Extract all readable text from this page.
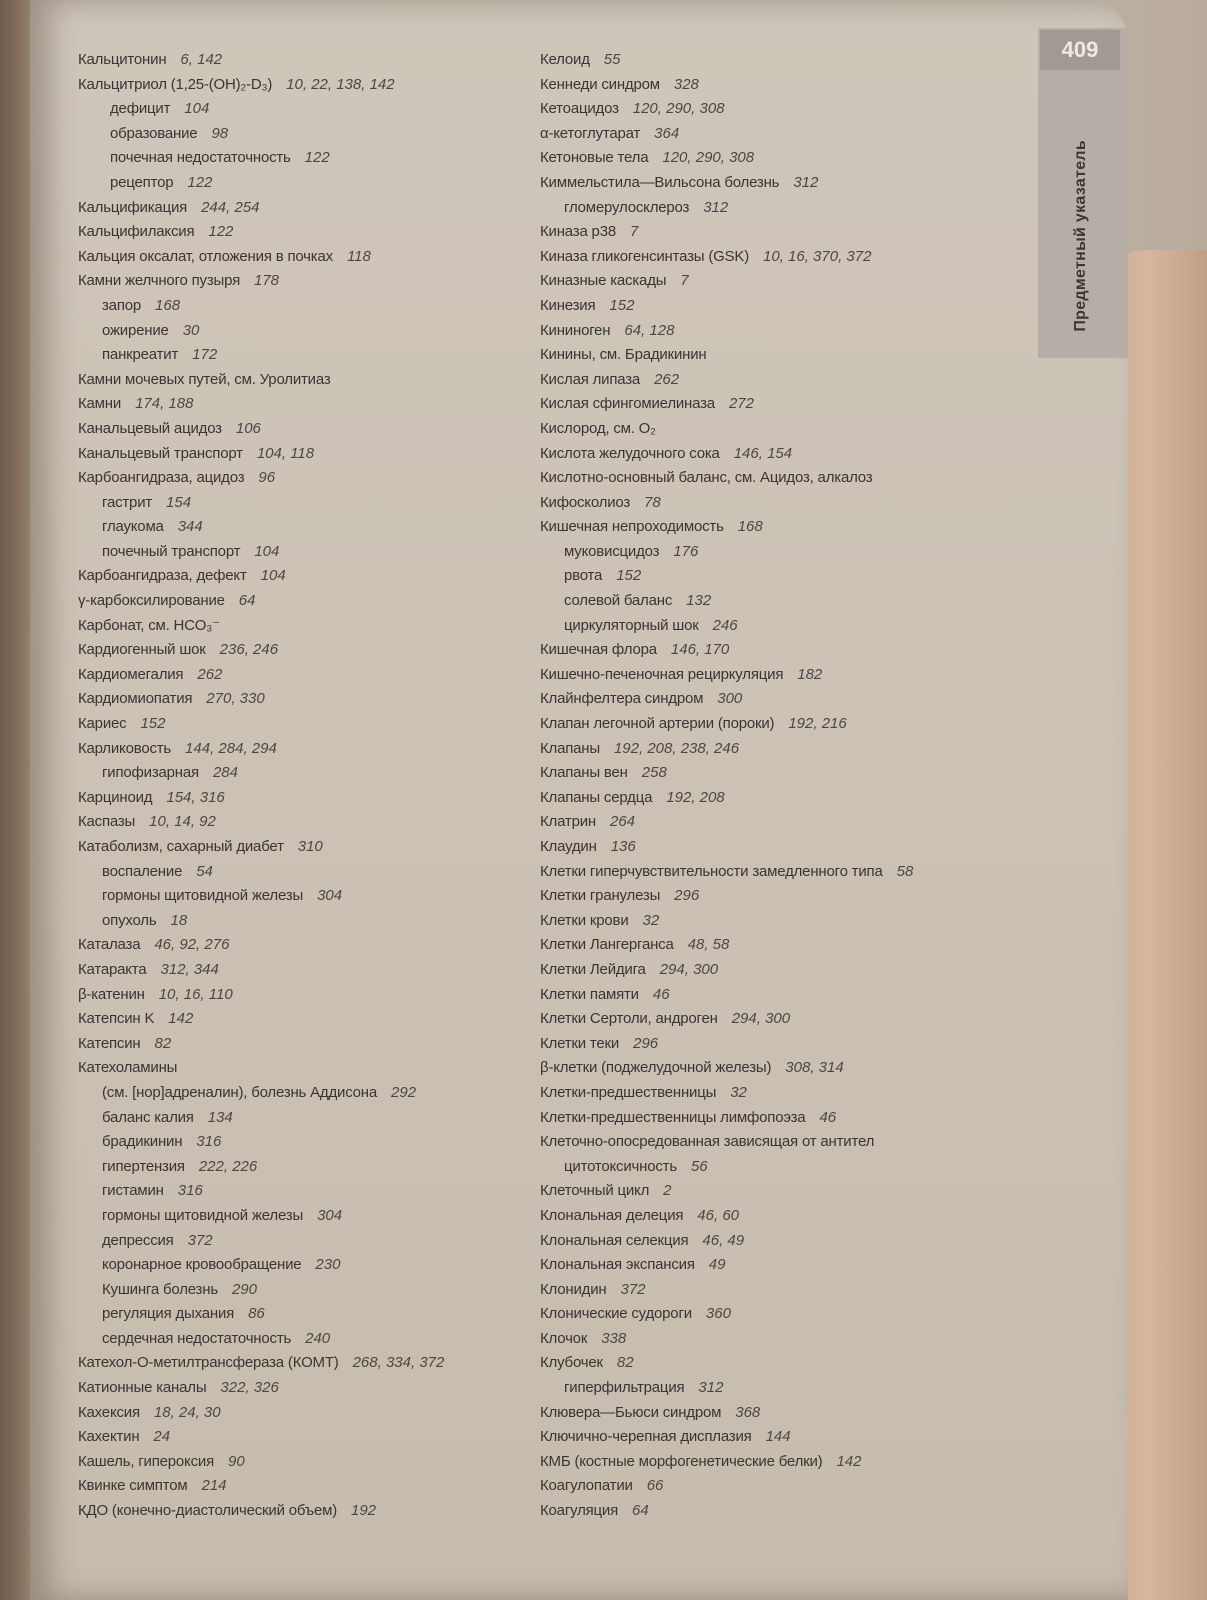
Кальцитонин 6, 142
Кальцитриол (1,25-(OH)₂-D₃) 10, 22, 138, 142
дефицит 104
образование 98
почечная недостаточность 122
рецептор 122
Кальцификация 244, 254
Кальцифилаксия 122
Кальция оксалат, отложения в почках 118
Камни желчного пузыря 178
запор 168
ожирение 30
панкреатит 172
Камни мочевых путей, см. Уролитиаз
Камни 174, 188
Канальцевый ацидоз 106
Канальцевый транспорт 104, 118
Карбоангидраза, ацидоз 96
гастрит 154
глаукома 344
почечный транспорт 104
Карбоангидраза, дефект 104
γ-карбоксилирование 64
Карбонат, см. HCO₃⁻
Кардиогенный шок 236, 246
Кардиомегалия 262
Кардиомиопатия 270, 330
Кариес 152
Карликовость 144, 284, 294
гипофизарная 284
Карциноид 154, 316
Каспазы 10, 14, 92
Катаболизм, сахарный диабет 310
воспаление 54
гормоны щитовидной железы 304
опухоль 18
Каталаза 46, 92, 276
Катаракта 312, 344
β-катенин 10, 16, 110
Катепсин K 142
Катепсин 82
Катехоламины
(см. [нор]адреналин), болезнь Аддисона 292
баланс калия 134
брадикинин 316
гипертензия 222, 226
гистамин 316
гормоны щитовидной железы 304
депрессия 372
коронарное кровообращение 230
Кушинга болезнь 290
регуляция дыхания 86
сердечная недостаточность 240
Катехол-O-метилтрансфераза (КОМТ) 268, 334, 372
Катионные каналы 322, 326
Кахексия 18, 24, 30
Кахектин 24
Кашель, гипероксия 90
Квинке симптом 214
КДО (конечно-диастолический объем) 192
Келоид 55
Кеннеди синдром 328
Кетоацидоз 120, 290, 308
α-кетоглутарат 364
Кетоновые тела 120, 290, 308
Киммельстила—Вильсона болезнь 312
гломерулосклероз 312
Киназа p38 7
Киназа гликогенсинтазы (GSK) 10, 16, 370, 372
Киназные каскады 7
Кинезия 152
Кининоген 64, 128
Кинины, см. Брадикинин
Кислая липаза 262
Кислая сфингомиелиназа 272
Кислород, см. O₂
Кислота желудочного сока 146, 154
Кислотно-основный баланс, см. Ацидоз, алкалоз
Кифосколиоз 78
Кишечная непроходимость 168
муковисцидоз 176
рвота 152
солевой баланс 132
циркуляторный шок 246
Кишечная флора 146, 170
Кишечно-печеночная рециркуляция 182
Клайнфелтера синдром 300
Клапан легочной артерии (пороки) 192, 216
Клапаны 192, 208, 238, 246
Клапаны вен 258
Клапаны сердца 192, 208
Клатрин 264
Клаудин 136
Клетки гиперчувствительности замедленного типа 58
Клетки гранулезы 296
Клетки крови 32
Клетки Лангерганса 48, 58
Клетки Лейдига 294, 300
Клетки памяти 46
Клетки Сертоли, андроген 294, 300
Клетки теки 296
β-клетки (поджелудочной железы) 308, 314
Клетки-предшественницы 32
Клетки-предшественницы лимфопоэза 46
Клеточно-опосредованная зависящая от антител
цитотоксичность 56
Клеточный цикл 2
Клональная делеция 46, 60
Клональная селекция 46, 49
Клональная экспансия 49
Клонидин 372
Клонические судороги 360
Клочок 338
Клубочек 82
гиперфильтрация 312
Клювера—Бьюси синдром 368
Ключично-черепная дисплазия 144
КМБ (костные морфогенетические белки) 142
Коагулопатии 66
Коагуляция 64
409
Предметный указатель
